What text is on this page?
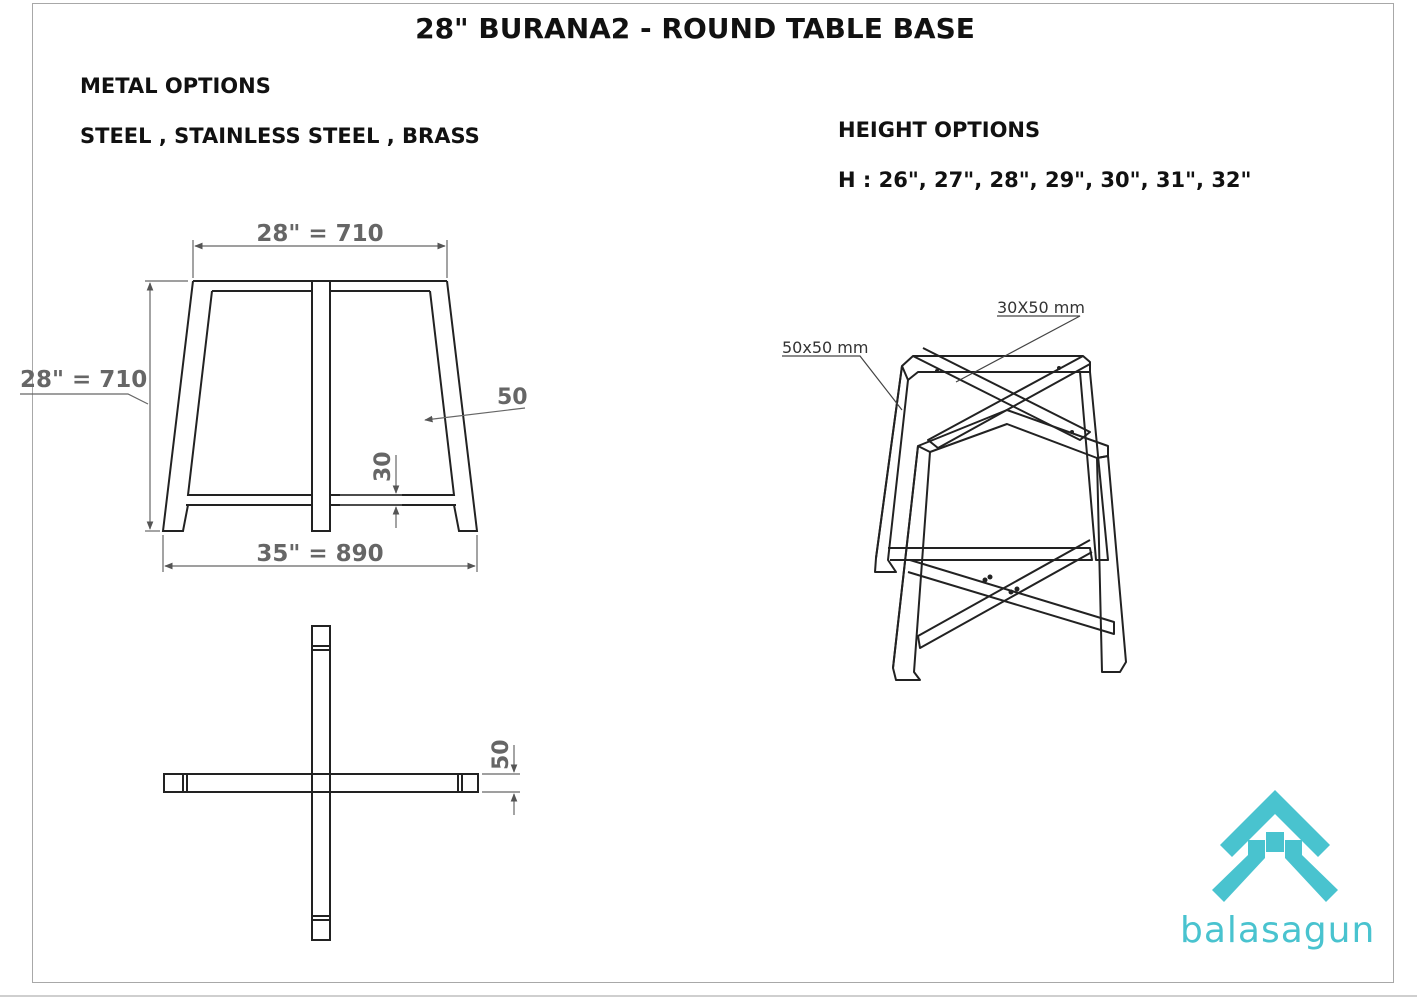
28" BURANA2 - ROUND TABLE BASE
METAL OPTIONS
STEEL , STAINLESS STEEL , BRASS	HEIGHT OPTIONS
H : 26", 27", 28", 29", 30", 31", 32"
28" = 710
28" = 710
35" = 890
50
30
50
50x50 mm
30X50 mm
balasagun
